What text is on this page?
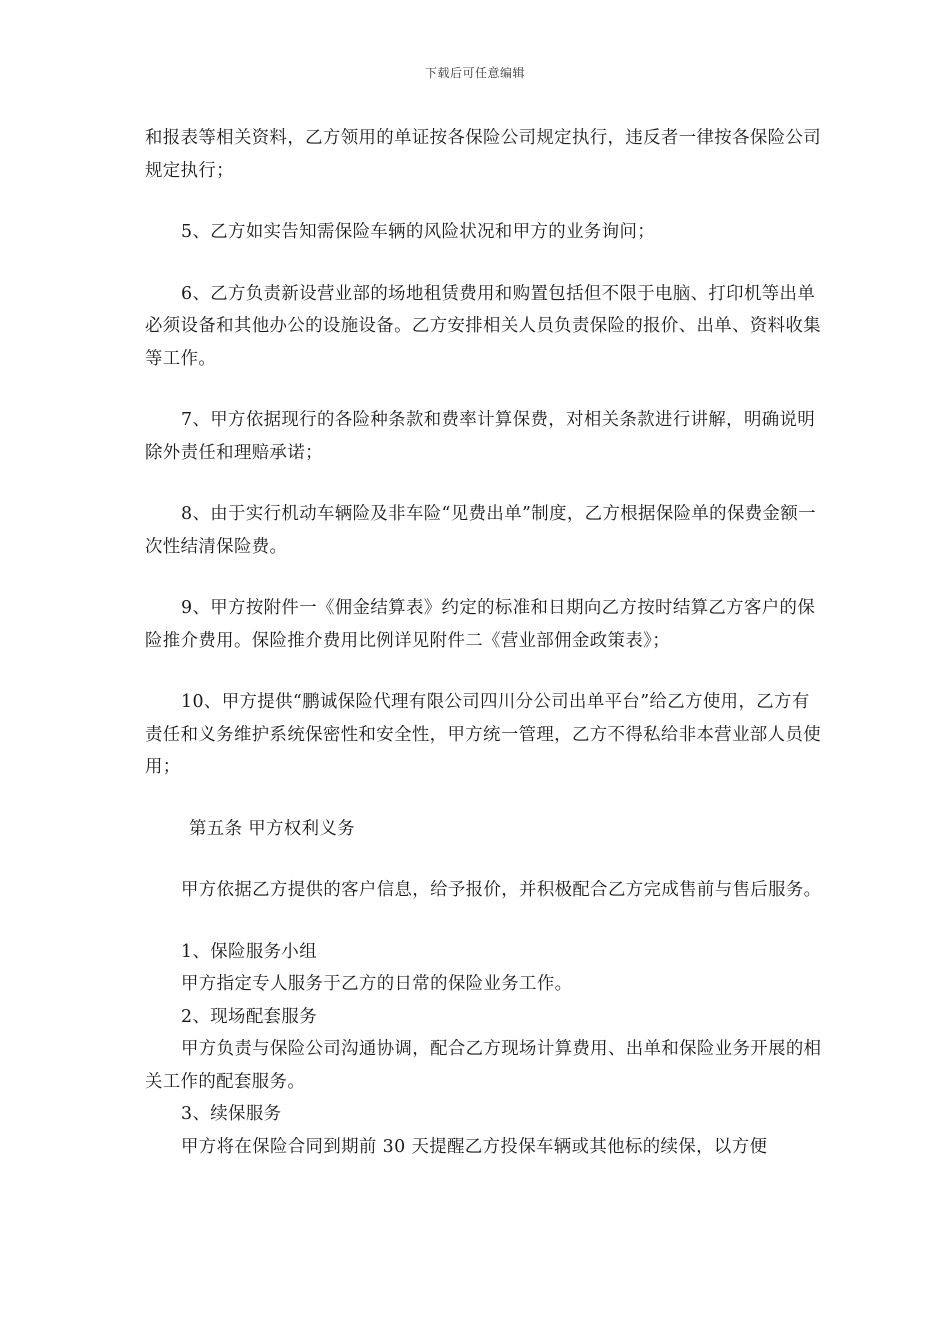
下载后可任意编辑

和报表等相关资料，乙方领用的单证按各保险公司规定执行，违反者一律按各保险公司规定执行；

5、乙方如实告知需保险车辆的风险状况和甲方的业务询问；

6、乙方负责新设营业部的场地租赁费用和购置包括但不限于电脑、打印机等出单必须设备和其他办公的设施设备。乙方安排相关人员负责保险的报价、出单、资料收集等工作。

7、甲方依据现行的各险种条款和费率计算保费，对相关条款进行讲解，明确说明除外责任和理赔承诺；

8、由于实行机动车辆险及非车险“见费出单”制度，乙方根据保险单的保费金额一次性结清保险费。

9、甲方按附件一《佣金结算表》约定的标准和日期向乙方按时结算乙方客户的保险推介费用。保险推介费用比例详见附件二《营业部佣金政策表》；

10、甲方提供“鹏诚保险代理有限公司四川分公司出单平台”给乙方使用，乙方有责任和义务维护系统保密性和安全性，甲方统一管理，乙方不得私给非本营业部人员使用；

第五条 甲方权利义务

甲方依据乙方提供的客户信息，给予报价，并积极配合乙方完成售前与售后服务。

1、保险服务小组

甲方指定专人服务于乙方的日常的保险业务工作。

2、现场配套服务

甲方负责与保险公司沟通协调，配合乙方现场计算费用、出单和保险业务开展的相关工作的配套服务。

3、续保服务

甲方将在保险合同到期前 30 天提醒乙方投保车辆或其他标的续保，以方便
